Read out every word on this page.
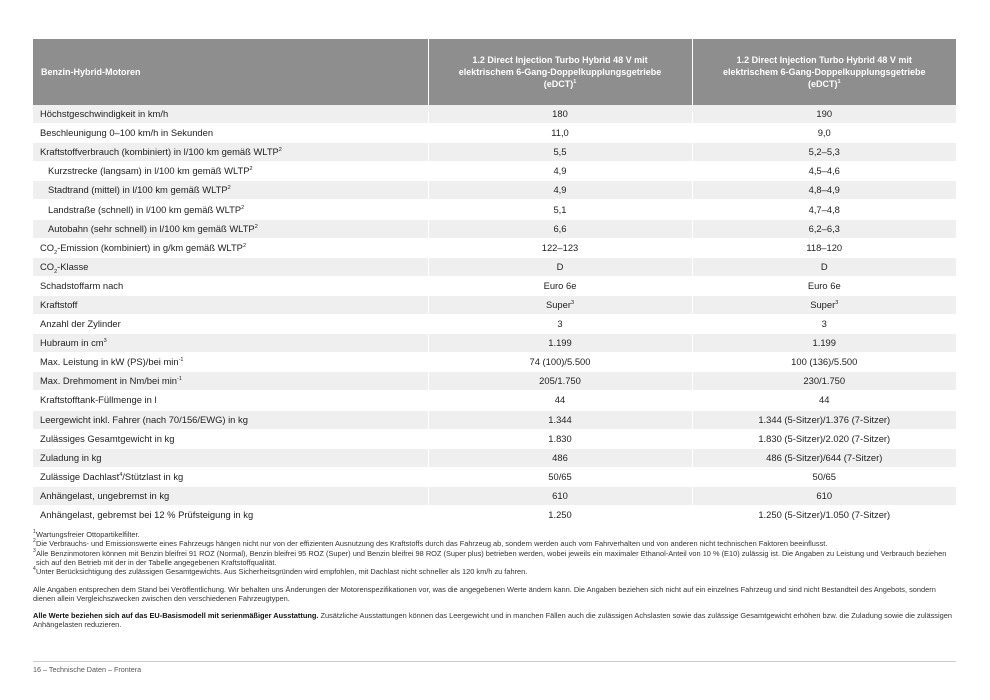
Benzin-Hybrid-Motoren	1.2 Direct Injection Turbo Hybrid 48 V mit elektrischem 6-Gang-Doppelkupplungsgetriebe (eDCT)$^1$	1.2 Direct Injection Turbo Hybrid 48 V mit elektrischem 6-Gang-Doppelkupplungsgetriebe (eDCT)$^1$
Höchstgeschwindigkeit in km/h	180	190
Beschleunigung 0–100 km/h in Sekunden	11,0	9,0
Kraftstoffverbrauch (kombiniert) in l/100 km gemäß WLTP$^2$	5,5	5,2–5,3
Kurzstrecke (langsam) in l/100 km gemäß WLTP$^2$	4,9	4,5–4,6
Stadtrand (mittel) in l/100 km gemäß WLTP$^2$	4,9	4,8–4,9
Landstraße (schnell) in l/100 km gemäß WLTP$^2$	5,1	4,7–4,8
Autobahn (sehr schnell) in l/100 km gemäß WLTP$^2$	6,6	6,2–6,3
$CO_2$-Emission (kombiniert) in g/km gemäß WLTP$^2$	122–123	118–120
$CO_2$-Klasse	D	D
Schadstoffarm nach	Euro 6e	Euro 6e
Kraftstoff	Super$^3$	Super$^3$
Anzahl der Zylinder	3	3
Hubraum in $cm^3$	1.199	1.199
Max. Leistung in kW (PS)/bei $\min^{-1}$	74 (100)/5.500	100 (136)/5.500
Max. Drehmoment in Nm/bei $\min^{-1}$	205/1.750	230/1.750
Kraftstofftank-Füllmenge in l	44	44
Leergewicht inkl. Fahrer (nach 70/156/EWG) in kg	1.344	1.344 (5-Sitzer)/1.376 (7-Sitzer)
Zulässiges Gesamtgewicht in kg	1.830	1.830 (5-Sitzer)/2.020 (7-Sitzer)
Zuladung in kg	486	486 (5-Sitzer)/644 (7-Sitzer)
Zulässige Dachlast$^4$/Stützlast in kg	50/65	50/65
Anhängelast, ungebremst in kg	610	610
Anhängelast, gebremst bei 12 % Prüfsteigung in kg	1.250	1.250 (5-Sitzer)/1.050 (7-Sitzer)
1 Wartungsfreier Ottopartikelfilter.
2 Die Verbrauchs- und Emissionswerte eines Fahrzeugs hängen nicht nur von der effizienten Ausnutzung des Kraftstoffs durch das Fahrzeug ab, sondern werden auch vom Fahrverhalten und von anderen nicht technischen Faktoren beeinflusst.
3 Alle Benzinmotoren können mit Benzin bleifrei 91 ROZ (Normal), Benzin bleifrei 95 ROZ (Super) und Benzin bleifrei 98 ROZ (Super plus) betrieben werden, wobei jeweils ein maximaler Ethanol-Anteil von 10 % (E10) zulässig ist. Die Angaben zu Leistung und Verbrauch beziehen sich auf den Betrieb mit der in der Tabelle angegebenen Kraftstoffqualität.
4 Unter Berücksichtigung des zulässigen Gesamtgewichts. Aus Sicherheitsgründen wird empfohlen, mit Dachlast nicht schneller als 120 km/h zu fahren.
Alle Angaben entsprechen dem Stand bei Veröffentlichung. Wir behalten uns Änderungen der Motorenspezifikationen vor, was die angegebenen Werte ändern kann. Die Angaben beziehen sich nicht auf ein einzelnes Fahrzeug und sind nicht Bestandteil des Angebots, sondern dienen allein Vergleichszwecken zwischen den verschiedenen Fahrzeugtypen.
Alle Werte beziehen sich auf das EU-Basismodell mit serienmäßiger Ausstattung. Zusätzliche Ausstattungen können das Leergewicht und in manchen Fällen auch die zulässigen Achslasten sowie das zulässige Gesamtgewicht erhöhen bzw. die Zuladung sowie die zulässigen Anhängelasten reduzieren.
16 – Technische Daten – Frontera
